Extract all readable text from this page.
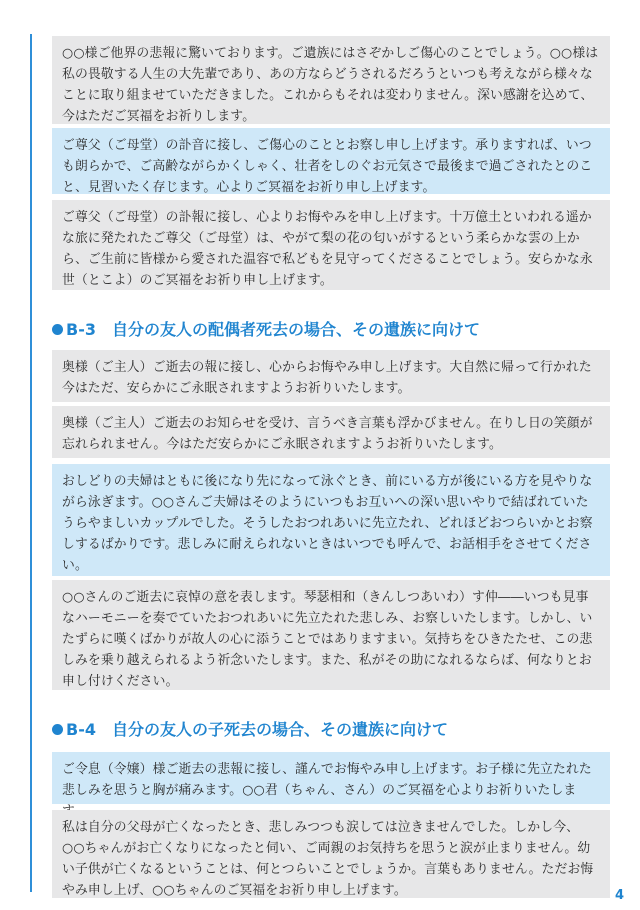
○○様ご他界の悲報に驚いております。ご遺族にはさぞかしご傷心のことでしょう。○○様は私の畏敬する人生の大先輩であり、あの方ならどうされるだろうといつも考えながら様々なことに取り組ませていただきました。これからもそれは変わりません。深い感謝を込めて、今はただご冥福をお祈りします。
ご尊父（ご母堂）の訃音に接し、ご傷心のこととお察し申し上げます。承りますれば、いつも朗らかで、ご高齢ながらかくしゃく、壮者をしのぐお元気さで最後まで過ごされたとのこと、見習いたく存じます。心よりご冥福をお祈り申し上げます。
ご尊父（ご母堂）の訃報に接し、心よりお悔やみを申し上げます。十万億土といわれる遥かな旅に発たれたご尊父（ご母堂）は、やがて梨の花の匂いがするという柔らかな雲の上から、ご生前に皆様から愛された温容で私どもを見守ってくださることでしょう。安らかな永世（とこよ）のご冥福をお祈り申し上げます。
B-3　自分の友人の配偶者死去の場合、その遺族に向けて
奥様（ご主人）ご逝去の報に接し、心からお悔やみ申し上げます。大自然に帰って行かれた今はただ、安らかにご永眠されますようお祈りいたします。
奥様（ご主人）ご逝去のお知らせを受け、言うべき言葉も浮かびません。在りし日の笑顔が忘れられません。今はただ安らかにご永眠されますようお祈りいたします。
おしどりの夫婦はともに後になり先になって泳ぐとき、前にいる方が後にいる方を見やりながら泳ぎます。○○さんご夫婦はそのようにいつもお互いへの深い思いやりで結ばれていたうらやましいカップルでした。そうしたおつれあいに先立たれ、どれほどおつらいかとお察しするばかりです。悲しみに耐えられないときはいつでも呼んで、お話相手をさせてください。
○○さんのご逝去に哀悼の意を表します。琴瑟相和（きんしつあいわ）す仲――いつも見事なハーモニーを奏でていたおつれあいに先立たれた悲しみ、お察しいたします。しかし、いたずらに嘆くばかりが故人の心に添うことではありますまい。気持ちをひきたたせ、この悲しみを乗り越えられるよう祈念いたします。また、私がその助になれるならば、何なりとお申し付けください。
B-4　自分の友人の子死去の場合、その遺族に向けて
ご令息（令嬢）様ご逝去の悲報に接し、謹んでお悔やみ申し上げます。お子様に先立たれた悲しみを思うと胸が痛みます。○○君（ちゃん、さん）のご冥福を心よりお祈りいたしま
私は自分の父母が亡くなったとき、悲しみつつも涙しては泣きませんでした。しかし今、○○ちゃんがお亡くなりになったと伺い、ご両親のお気持ちを思うと涙が止まりません。幼い子供が亡くなるということは、何とつらいことでしょうか。言葉もありません。ただお悔やみ申し上げ、○○ちゃんのご冥福をお祈り申し上げます。	4
